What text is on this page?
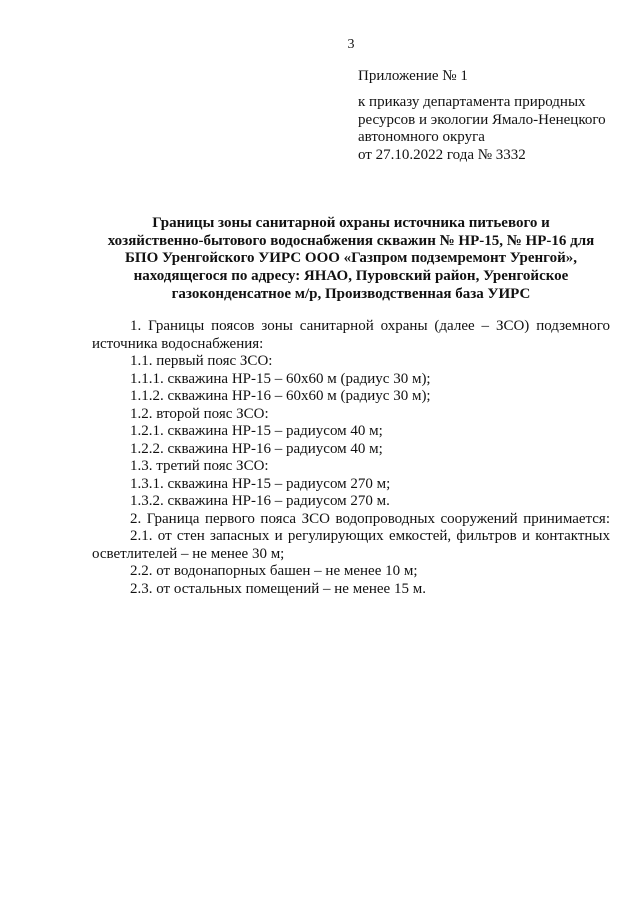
3
Приложение № 1
к приказу департамента природных
ресурсов и экологии Ямало-Ненецкого
автономного округа
от 27.10.2022 года № 3332
Границы зоны санитарной охраны источника питьевого и
хозяйственно-бытового водоснабжения скважин № НР-15, № НР-16 для
БПО Уренгойского УИРС ООО «Газпром подземремонт Уренгой»,
находящегося по адресу: ЯНАО, Пуровский район, Уренгойское
газоконденсатное м/р, Производственная база УИРС
1. Границы поясов зоны санитарной охраны (далее – ЗСО) подземного
источника водоснабжения:
1.1. первый пояс ЗСО:
1.1.1. скважина НР-15 – 60х60 м (радиус 30 м);
1.1.2. скважина НР-16 – 60х60 м (радиус 30 м);
1.2. второй пояс ЗСО:
1.2.1. скважина НР-15 – радиусом 40 м;
1.2.2. скважина НР-16 – радиусом 40 м;
1.3. третий пояс ЗСО:
1.3.1. скважина НР-15 – радиусом 270 м;
1.3.2. скважина НР-16 – радиусом 270 м.
2. Граница первого пояса ЗСО водопроводных сооружений принимается:
2.1. от стен запасных и регулирующих емкостей, фильтров и контактных
осветлителей – не менее 30 м;
2.2. от водонапорных башен – не менее 10 м;
2.3. от остальных помещений – не менее 15 м.
